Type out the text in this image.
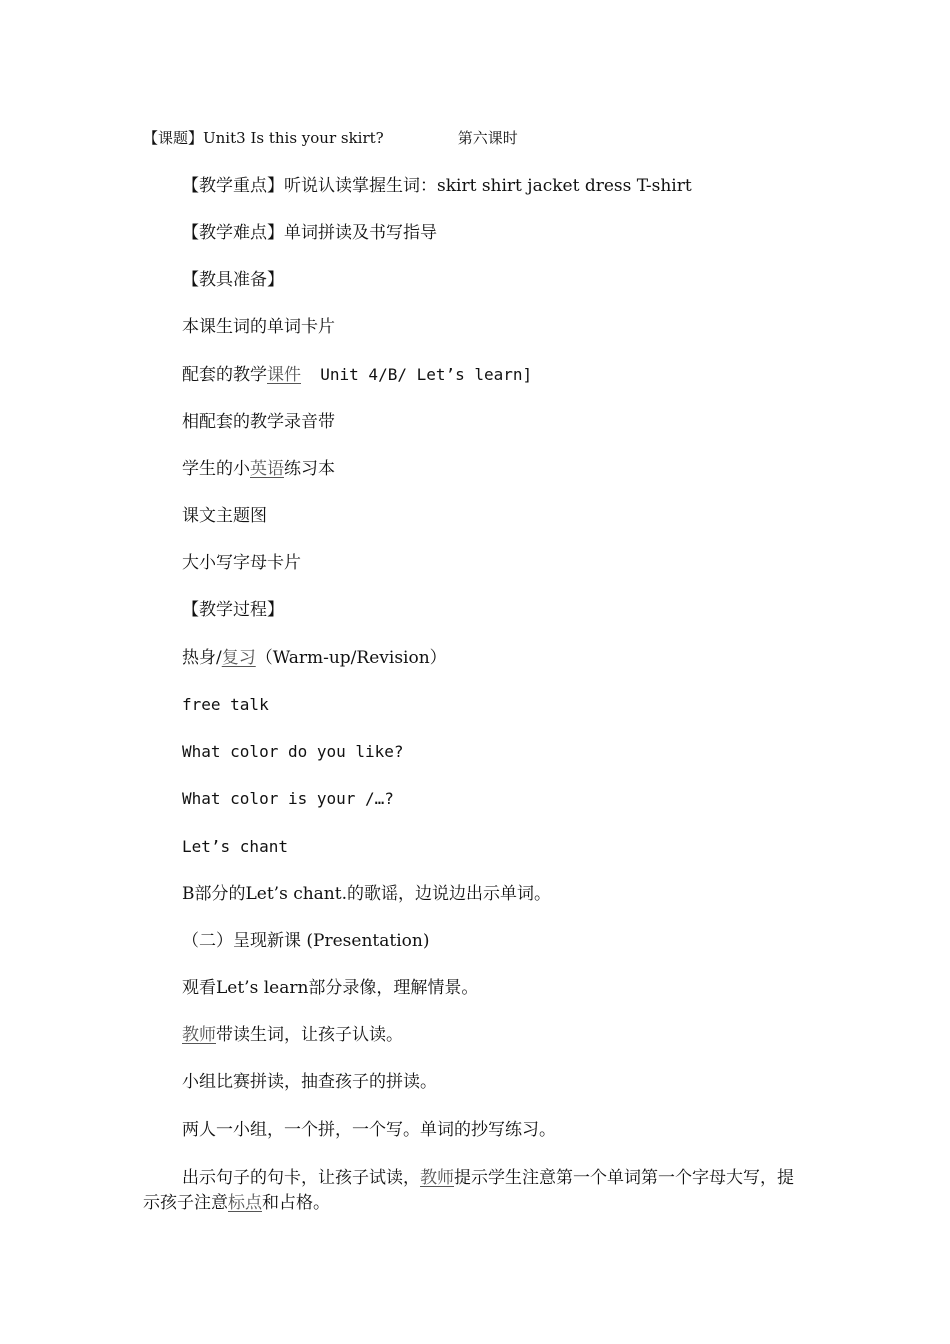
【课题】Unit3 Is this your skirt?	第六课时
【教学重点】听说认读掌握生词：skirt shirt jacket dress T-shirt
【教学难点】单词拼读及书写指导
【教具准备】
本课生词的单词卡片
配套的教学课件  Unit 4/B/ Let’s learn]
相配套的教学录音带
学生的小英语练习本
课文主题图
大小写字母卡片
【教学过程】
热身/复习（Warm-up/Revision）
free talk
What color do you like?
What color is your /…?
Let’s chant
B部分的Let’s chant.的歌谣，边说边出示单词。
（二）呈现新课 (Presentation)
观看Let’s learn部分录像，理解情景。
教师带读生词，让孩子认读。
小组比赛拼读，抽查孩子的拼读。
两人一小组，一个拼，一个写。单词的抄写练习。
出示句子的句卡，让孩子试读，教师提示学生注意第一个单词第一个字母大写，提示孩子注意标点和占格。
